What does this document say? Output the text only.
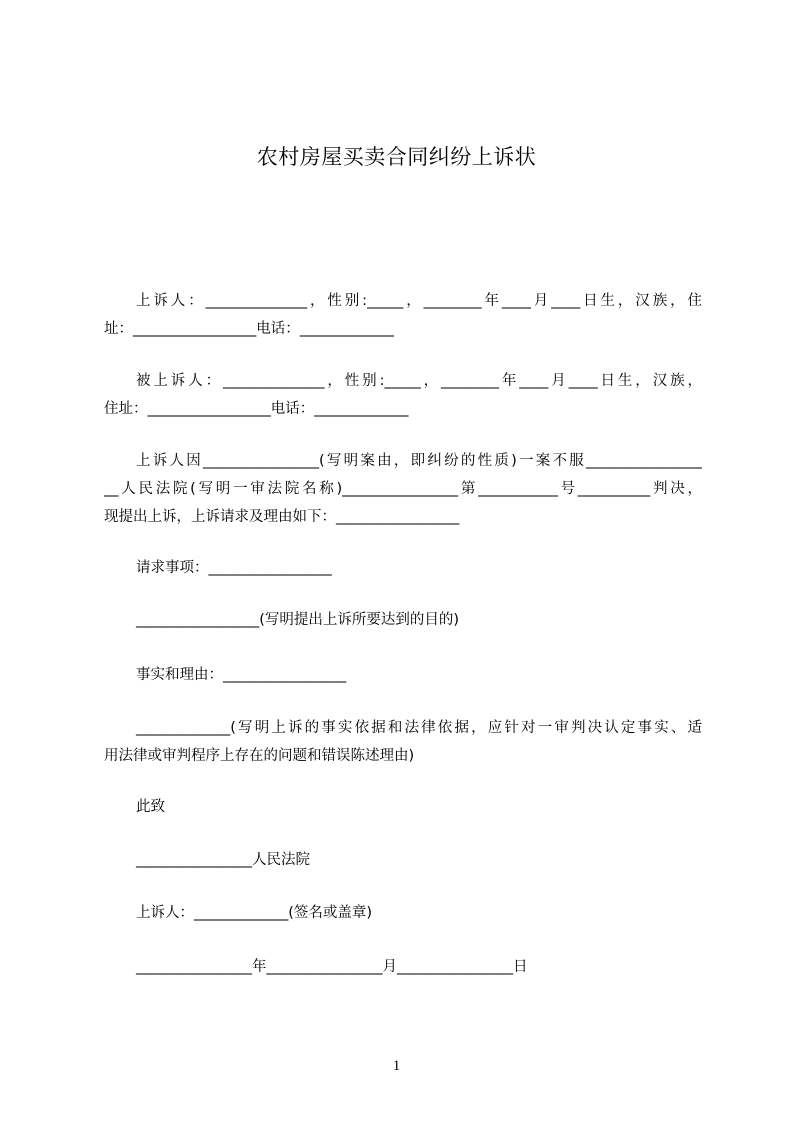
农村房屋买卖合同纠纷上诉状
上诉人：______________，性别:_____，________年____月____日生，汉族，住
址：_________________电话：_____________
被上诉人：______________，性别:_____，________年____月____日生，汉族，
住址：_________________电话：_____________
上诉人因________________(写明案由，即纠纷的性质)一案不服________________
__人民法院(写明一审法院名称)________________第___________号__________判决，
现提出上诉，上诉请求及理由如下：_________________
请求事项：_________________
_________________(写明提出上诉所要达到的目的)
事实和理由：_________________
_____________(写明上诉的事实依据和法律依据，应针对一审判决认定事实、适
用法律或审判程序上存在的问题和错误陈述理由)
此致
________________人民法院
上诉人：_____________(签名或盖章)
________________年________________月________________日

1
